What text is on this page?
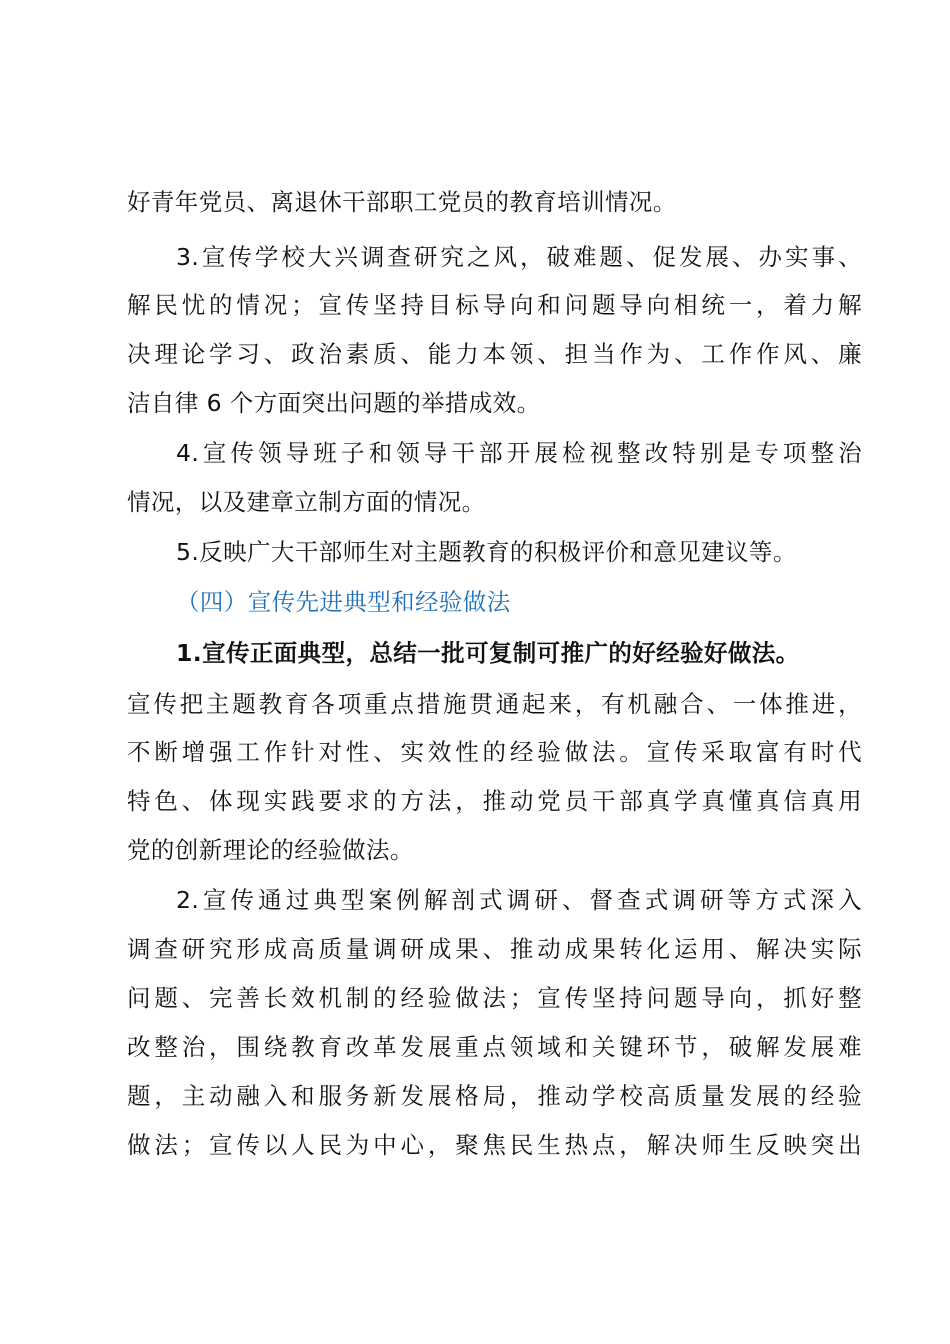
好青年党员、离退休干部职工党员的教育培训情况。
3.宣传学校大兴调查研究之风，破难题、促发展、办实事、
解民忧的情况；宣传坚持目标导向和问题导向相统一，着力解
决理论学习、政治素质、能力本领、担当作为、工作作风、廉
洁自律 6 个方面突出问题的举措成效。
4.宣传领导班子和领导干部开展检视整改特别是专项整治
情况，以及建章立制方面的情况。
5.反映广大干部师生对主题教育的积极评价和意见建议等。
（四）宣传先进典型和经验做法
1.宣传正面典型，总结一批可复制可推广的好经验好做法。
宣传把主题教育各项重点措施贯通起来，有机融合、一体推进，
不断增强工作针对性、实效性的经验做法。宣传采取富有时代
特色、体现实践要求的方法，推动党员干部真学真懂真信真用
党的创新理论的经验做法。
2.宣传通过典型案例解剖式调研、督查式调研等方式深入
调查研究形成高质量调研成果、推动成果转化运用、解决实际
问题、完善长效机制的经验做法；宣传坚持问题导向，抓好整
改整治，围绕教育改革发展重点领域和关键环节，破解发展难
题，主动融入和服务新发展格局，推动学校高质量发展的经验
做法；宣传以人民为中心，聚焦民生热点，解决师生反映突出
